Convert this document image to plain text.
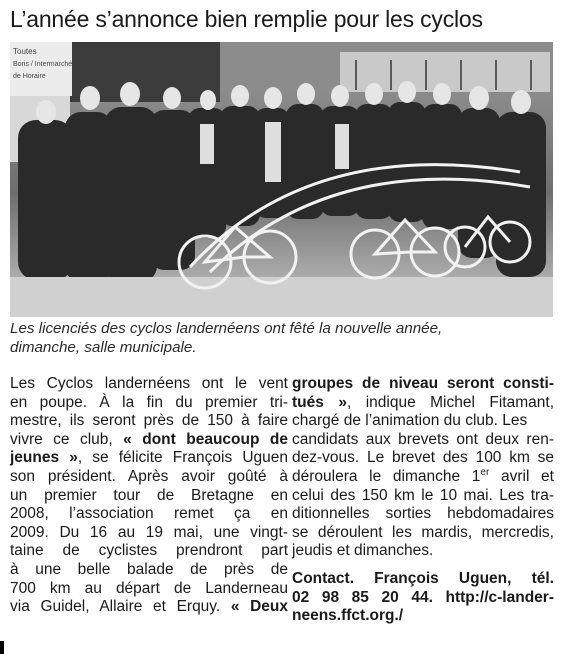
L’année s’annonce bien remplie pour les cyclos
Toutes
Boris / Intermarché
de Horaire
Les licenciés des cyclos landernéens ont fêté la nouvelle année,
dimanche, salle municipale.
Les Cyclos landernéens ont le vent
en poupe. À la fin du premier tri-
mestre, ils seront près de 150 à faire
vivre ce club, « dont beaucoup de
jeunes », se félicite François Uguen
son président. Après avoir goûté à
un premier tour de Bretagne en
2008, l’association remet ça en
2009. Du 16 au 19 mai, une vingt-
taine de cyclistes prendront part
à une belle balade de près de
700 km au départ de Landerneau
via Guidel, Allaire et Erquy. « Deux
groupes de niveau seront consti-
tués », indique Michel Fitamant,
chargé de l’animation du club. Les
candidats aux brevets ont deux ren-
dez-vous. Le brevet des 100 km se
déroulera le dimanche 1er avril et
celui des 150 km le 10 mai. Les tra-
ditionnelles sorties hebdomadaires
se déroulent les mardis, mercredis,
jeudis et dimanches.
Contact. François Uguen, tél.
02 98 85 20 44. http://c-lander-
neens.ffct.org./
